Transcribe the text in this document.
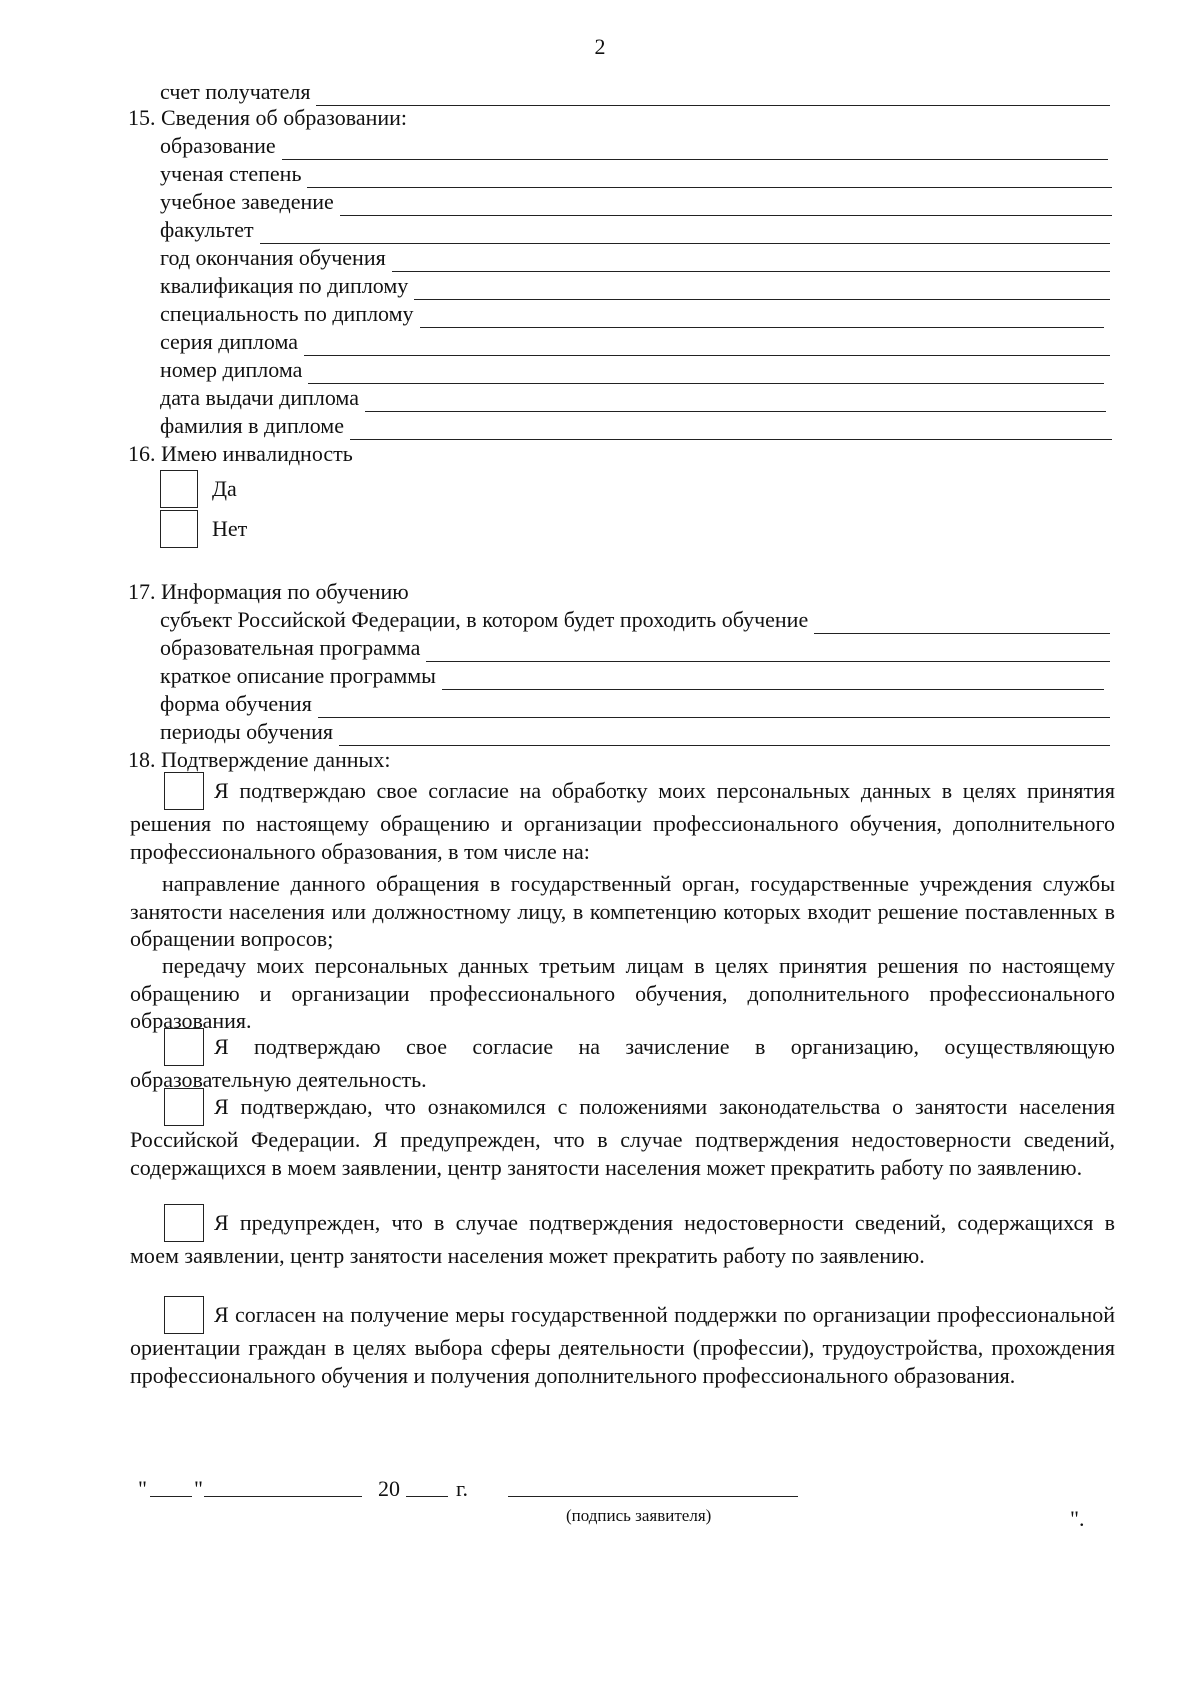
2
счет получателя
15. Сведения об образовании:
образование
ученая степень
учебное заведение
факультет
год окончания обучения
квалификация по диплому
специальность по диплому
серия диплома
номер диплома
дата выдачи диплома
фамилия в дипломе
16. Имею инвалидность
Да
Нет
17. Информация по обучению
субъект Российской Федерации, в котором будет проходить обучение
образовательная программа
краткое описание программы
форма обучения
периоды обучения
18. Подтверждение данных:
Я подтверждаю свое согласие на обработку моих персональных данных в целях принятия решения по настоящему обращению и организации профессионального обучения, дополнительного профессионального образования, в том числе на:
направление данного обращения в государственный орган, государственные учреждения службы занятости населения или должностному лицу, в компетенцию которых входит решение поставленных в обращении вопросов;
передачу моих персональных данных третьим лицам в целях принятия решения по настоящему обращению и организации профессионального обучения, дополнительного профессионального образования.
Я подтверждаю свое согласие на зачисление в организацию, осуществляющую образовательную деятельность.
Я подтверждаю, что ознакомился с положениями законодательства о занятости населения Российской Федерации. Я предупрежден, что в случае подтверждения недостоверности сведений, содержащихся в моем заявлении, центр занятости населения может прекратить работу по заявлению.
Я предупрежден, что в случае подтверждения недостоверности сведений, содержащихся в моем заявлении, центр занятости населения может прекратить работу по заявлению.
Я согласен на получение меры государственной поддержки по организации профессиональной ориентации граждан в целях выбора сферы деятельности (профессии), трудоустройства, прохождения профессионального обучения и получения дополнительного профессионального образования.
" "	20	г.
(подпись заявителя)	".
